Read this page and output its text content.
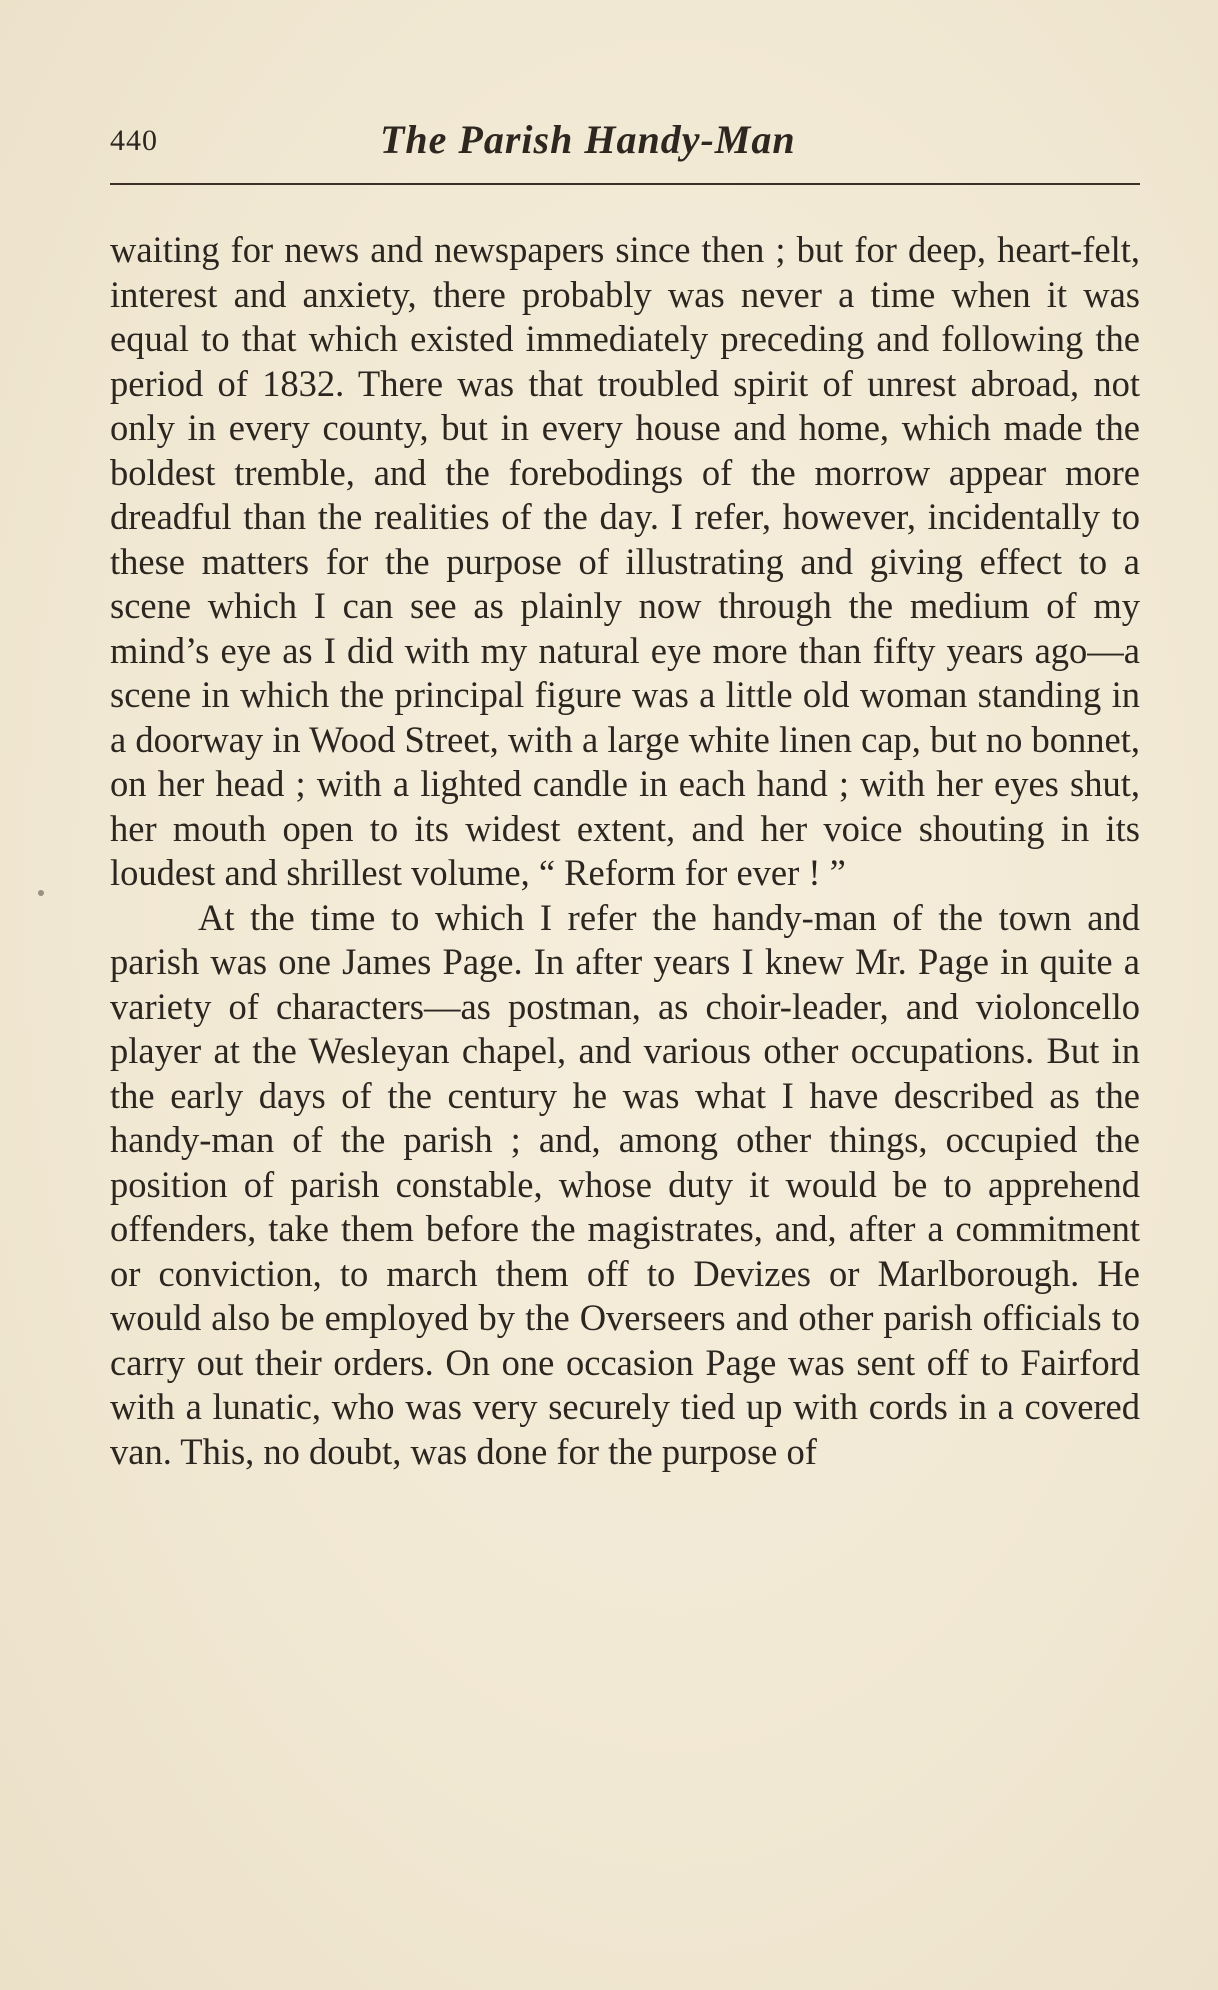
440	The Parish Handy-Man

waiting for news and newspapers since then ; but for deep, heart-felt, interest and anxiety, there probably was never a time when it was equal to that which existed immediately preceding and following the period of 1832. There was that troubled spirit of unrest abroad, not only in every county, but in every house and home, which made the boldest tremble, and the forebodings of the morrow appear more dreadful than the realities of the day. I refer, however, incidentally to these matters for the purpose of illustrating and giving effect to a scene which I can see as plainly now through the medium of my mind’s eye as I did with my natural eye more than fifty years ago—a scene in which the principal figure was a little old woman standing in a doorway in Wood Street, with a large white linen cap, but no bonnet, on her head ; with a lighted candle in each hand ; with her eyes shut, her mouth open to its widest extent, and her voice shouting in its loudest and shrillest volume, “ Reform for ever ! ”

At the time to which I refer the handy-man of the town and parish was one James Page. In after years I knew Mr. Page in quite a variety of characters—as postman, as choir-leader, and violoncello player at the Wesleyan chapel, and various other occupations. But in the early days of the century he was what I have described as the handy-man of the parish ; and, among other things, occupied the position of parish constable, whose duty it would be to apprehend offenders, take them before the magistrates, and, after a commitment or conviction, to march them off to Devizes or Marlborough. He would also be employed by the Overseers and other parish officials to carry out their orders. On one occasion Page was sent off to Fairford with a lunatic, who was very securely tied up with cords in a covered van. This, no doubt, was done for the purpose of
